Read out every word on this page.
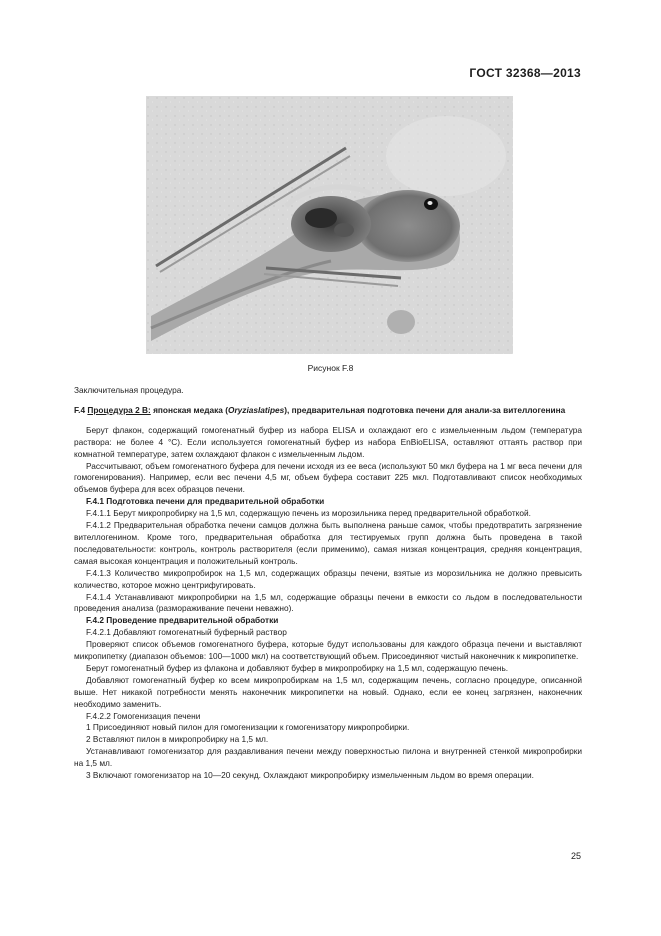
ГОСТ 32368—2013

Рисунок F.8

Заключительная процедура.

F.4 Процедура 2 В: японская медака (Oryziaslatipes), предварительная подготовка печени для анали-за вителлогенина

Берут флакон, содержащий гомогенатный буфер из набора ELISA и охлаждают его с измельченным льдом (температура раствора: не более 4 °С). Если используется гомогенатный буфер из набора EnBioELISA, оставляют оттаять раствор при комнатной температуре, затем охлаждают флакон с измельченным льдом.

Рассчитывают, объем гомогенатного буфера для печени исходя из ее веса (используют 50 мкл буфера на 1 мг веса печени для гомогенирования). Например, если вес печени 4,5 мг, объем буфера составит 225 мкл. Подготавливают список необходимых объемов буфера для всех образцов печени.

F.4.1 Подготовка печени для предварительной обработки

F.4.1.1 Берут микропробирку на 1,5 мл, содержащую печень из морозильника перед предварительной обработкой.

F.4.1.2 Предварительная обработка печени самцов должна быть выполнена раньше самок, чтобы предотвратить загрязнение вителлогенином. Кроме того, предварительная обработка для тестируемых групп должна быть проведена в такой последовательности: контроль, контроль растворителя (если применимо), самая низкая концентрация, средняя концентрация, самая высокая концентрация и положительный контроль.

F.4.1.3 Количество микропробирок на 1,5 мл, содержащих образцы печени, взятые из морозильника не должно превысить количество, которое можно центрифугировать.

F.4.1.4 Устанавливают микропробирки на 1,5 мл, содержащие образцы печени в емкости со льдом в последовательности проведения анализа (размораживание печени неважно).

F.4.2 Проведение предварительной обработки

F.4.2.1 Добавляют гомогенатный буферный раствор

Проверяют список объемов гомогенатного буфера, которые будут использованы для каждого образца печени и выставляют микропипетку (диапазон объемов: 100—1000 мкл) на соответствующий объем. Присоединяют чистый наконечник к микропипетке.

Берут гомогенатный буфер из флакона и добавляют буфер в микропробирку на 1,5 мл, содержащую печень.

Добавляют гомогенатный буфер ко всем микропробиркам на 1,5 мл, содержащим печень, согласно процедуре, описанной выше. Нет никакой потребности менять наконечник микропипетки на новый. Однако, если ее конец загрязнен, наконечник необходимо заменить.

F.4.2.2 Гомогенизация печени

1 Присоединяют новый пилон для гомогенизации к гомогенизатору микропробирки.

2 Вставляют пилон в микропробирку на 1,5 мл.

Устанавливают гомогенизатор для раздавливания печени между поверхностью пилона и внутренней стенкой микропробирки на 1,5 мл.

3 Включают гомогенизатор на 10—20 секунд. Охлаждают микропробирку измельченным льдом во время операции.

25
